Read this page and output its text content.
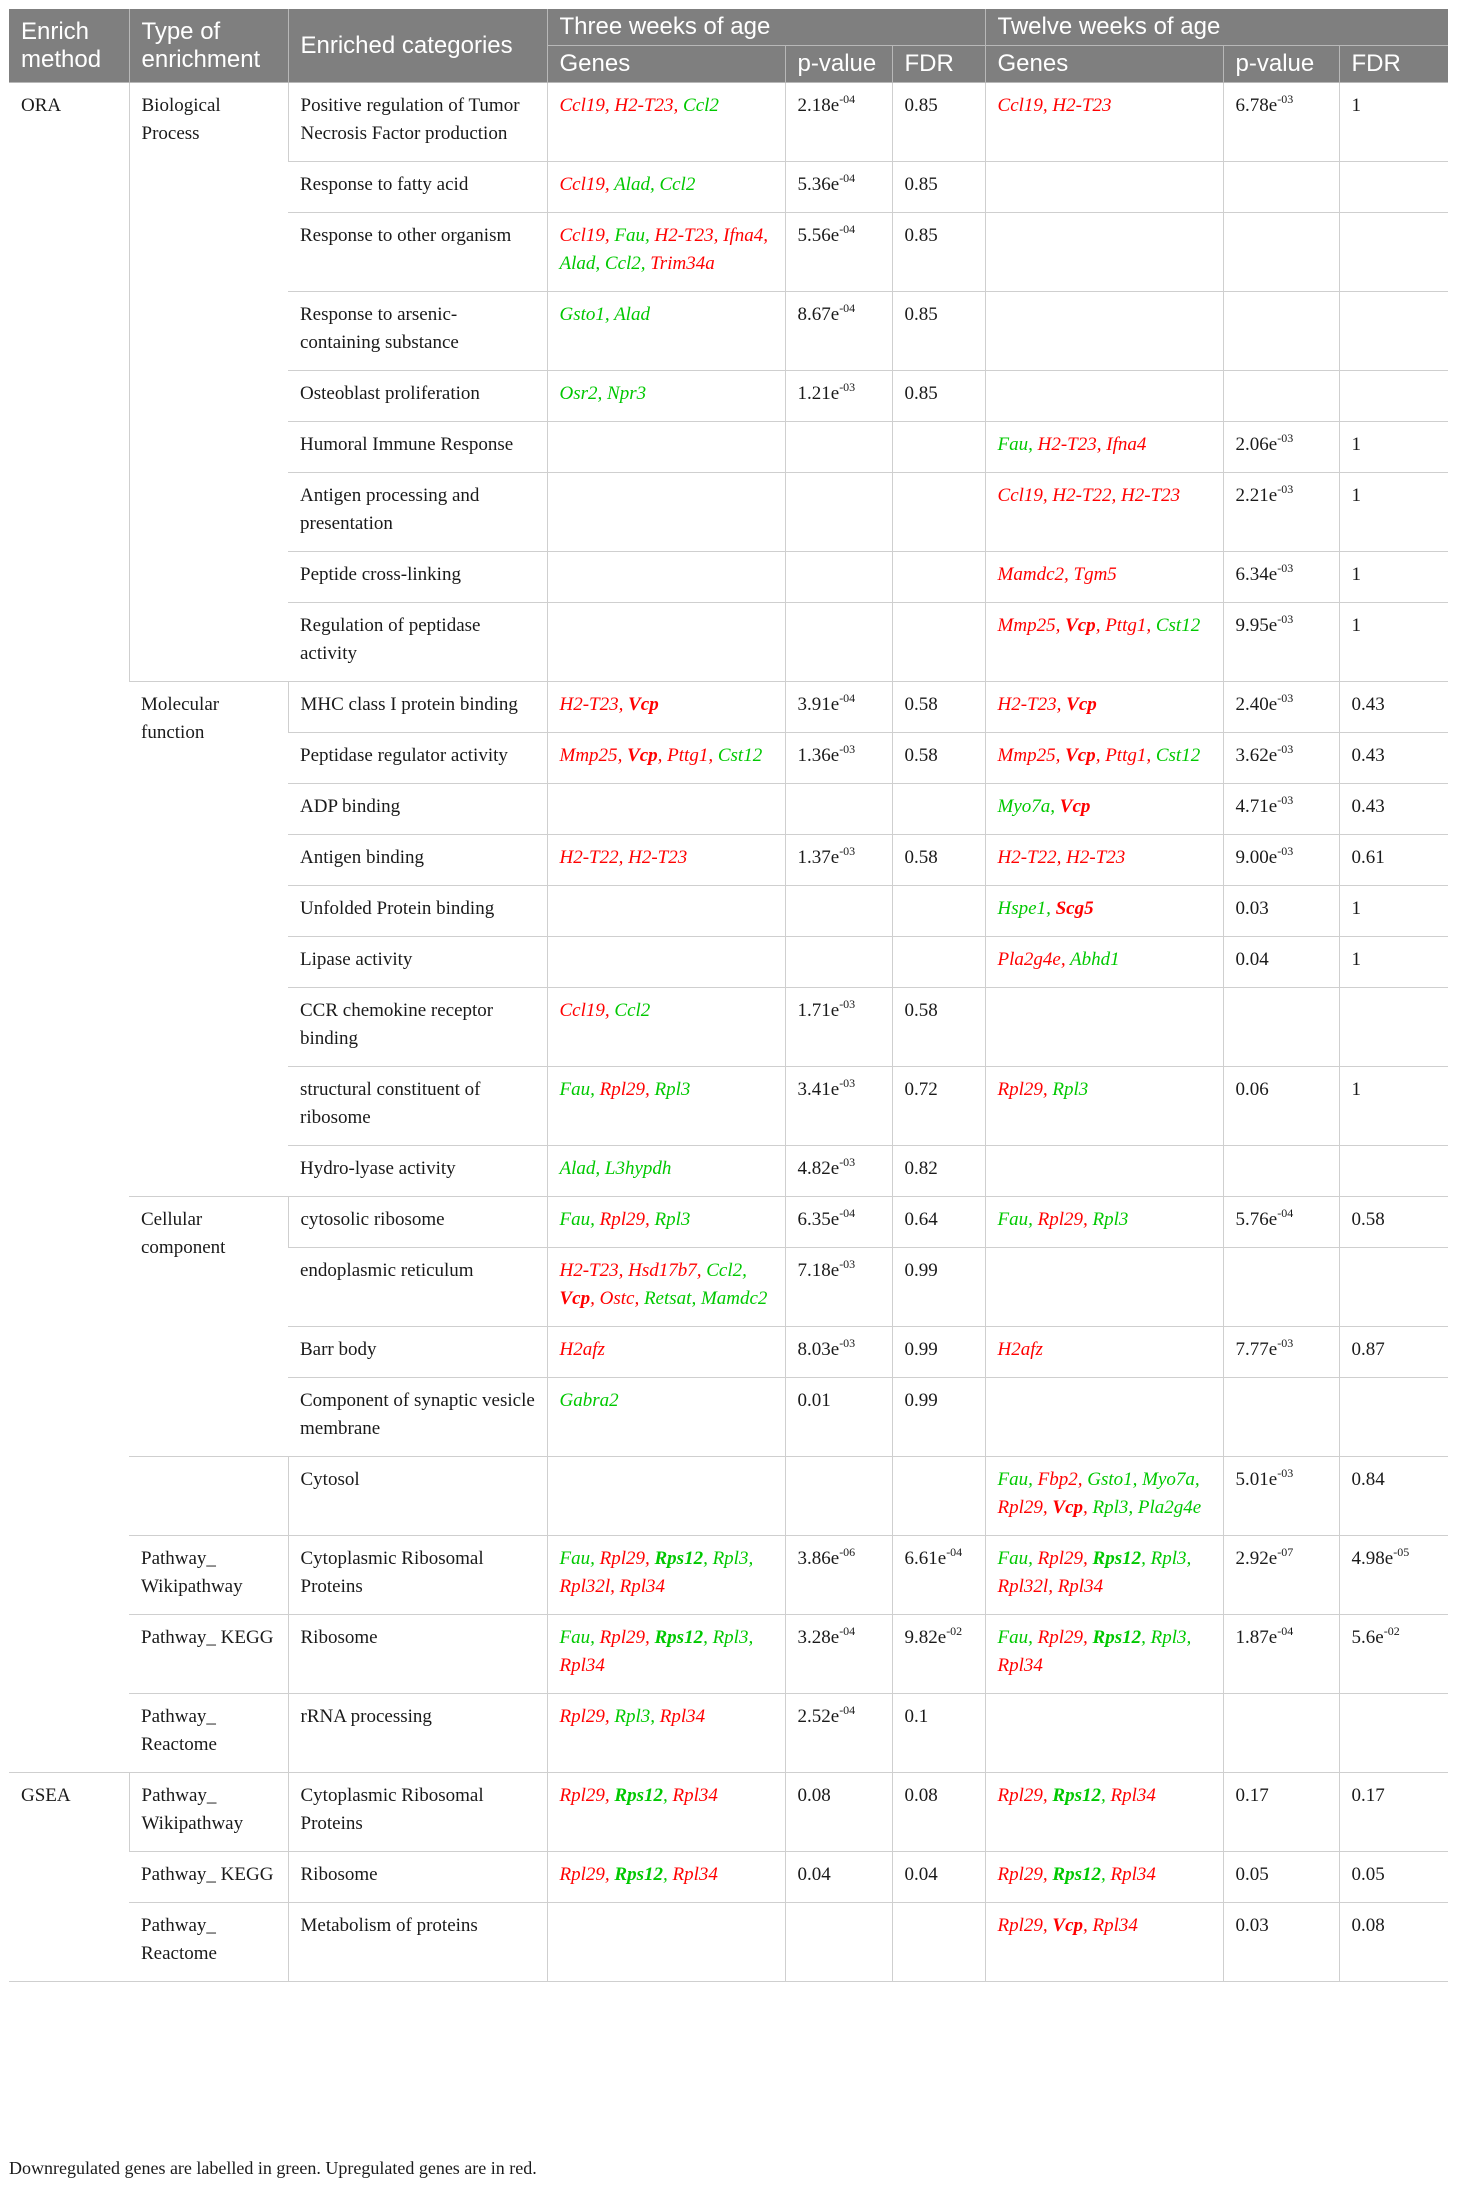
Enrich method	Type of enrichment	Enriched categories	Three weeks of age			Twelve weeks of age		
			Genes	p-value	FDR	Genes	p-value	FDR
ORA	Biological Process	Positive regulation of Tumor Necrosis Factor production	Ccl19, H2-T23, Ccl2	$2.18e^{-04}$	0.85	Ccl19, H2-T23	$6.78e^{-03}$	1
		Response to fatty acid	Ccl19, Alad, Ccl2	$5.36e^{-04}$	0.85			
		Response to other organism	Ccl19, Fau, H2-T23, Ifna4, Alad, Ccl2, Trim34a	$5.56e^{-04}$	0.85			
		Response to arsenic-containing substance	Gsto1, Alad	$8.67e^{-04}$	0.85			
		Osteoblast proliferation	Osr2, Npr3	$1.21e^{-03}$	0.85			
		Humoral Immune Response				Fau, H2-T23, Ifna4	$2.06e^{-03}$	1
		Antigen processing and presentation				Ccl19, H2-T22, H2-T23	$2.21e^{-03}$	1
		Peptide cross-linking				Mamdc2, Tgm5	$6.34e^{-03}$	1
		Regulation of peptidase activity				Mmp25, Vcp, Pttg1, Cst12	$9.95e^{-03}$	1
	Molecular function	MHC class I protein binding	H2-T23, Vcp	$3.91e^{-04}$	0.58	H2-T23, Vcp	$2.40e^{-03}$	0.43
		Peptidase regulator activity	Mmp25, Vcp, Pttg1, Cst12	$1.36e^{-03}$	0.58	Mmp25, Vcp, Pttg1, Cst12	$3.62e^{-03}$	0.43
		ADP binding				Myo7a, Vcp	$4.71e^{-03}$	0.43
		Antigen binding	H2-T22, H2-T23	$1.37e^{-03}$	0.58	H2-T22, H2-T23	$9.00e^{-03}$	0.61
		Unfolded Protein binding				Hspe1, Scg5	0.03	1
		Lipase activity				Pla2g4e, Abhd1	0.04	1
		CCR chemokine receptor binding	Ccl19, Ccl2	$1.71e^{-03}$	0.58			
		structural constituent of ribosome	Fau, Rpl29, Rpl3	$3.41e^{-03}$	0.72	Rpl29, Rpl3	0.06	1
		Hydro-lyase activity	Alad, L3hypdh	$4.82e^{-03}$	0.82			
	Cellular component	cytosolic ribosome	Fau, Rpl29, Rpl3	$6.35e^{-04}$	0.64	Fau, Rpl29, Rpl3	$5.76e^{-04}$	0.58
		endoplasmic reticulum	H2-T23, Hsd17b7, Ccl2, Vcp, Ostc, Retsat, Mamdc2	$7.18e^{-03}$	0.99			
		Barr body	H2afz	$8.03e^{-03}$	0.99	H2afz	$7.77e^{-03}$	0.87
		Component of synaptic vesicle membrane	Gabra2	0.01	0.99			
		Cytosol				Fau, Fbp2, Gsto1, Myo7a, Rpl29, Vcp, Rpl3, Pla2g4e	$5.01e^{-03}$	0.84
	Pathway_ Wikipathway	Cytoplasmic Ribosomal Proteins	Fau, Rpl29, Rps12, Rpl3, Rpl32l, Rpl34	$3.86e^{-06}$	$6.61e^{-04}$	Fau, Rpl29, Rps12, Rpl3, Rpl32l, Rpl34	$2.92e^{-07}$	$4.98e^{-05}$
	Pathway_ KEGG	Ribosome	Fau, Rpl29, Rps12, Rpl3, Rpl34	$3.28e^{-04}$	$9.82e^{-02}$	Fau, Rpl29, Rps12, Rpl3, Rpl34	$1.87e^{-04}$	$5.6e^{-02}$
	Pathway_ Reactome	rRNA processing	Rpl29, Rpl3, Rpl34	$2.52e^{-04}$	0.1			
GSEA	Pathway_ Wikipathway	Cytoplasmic Ribosomal Proteins	Rpl29, Rps12, Rpl34	0.08	0.08	Rpl29, Rps12, Rpl34	0.17	0.17
	Pathway_ KEGG	Ribosome	Rpl29, Rps12, Rpl34	0.04	0.04	Rpl29, Rps12, Rpl34	0.05	0.05
	Pathway_ Reactome	Metabolism of proteins				Rpl29, Vcp, Rpl34	0.03	0.08
Downregulated genes are labelled in green. Upregulated genes are in red.
